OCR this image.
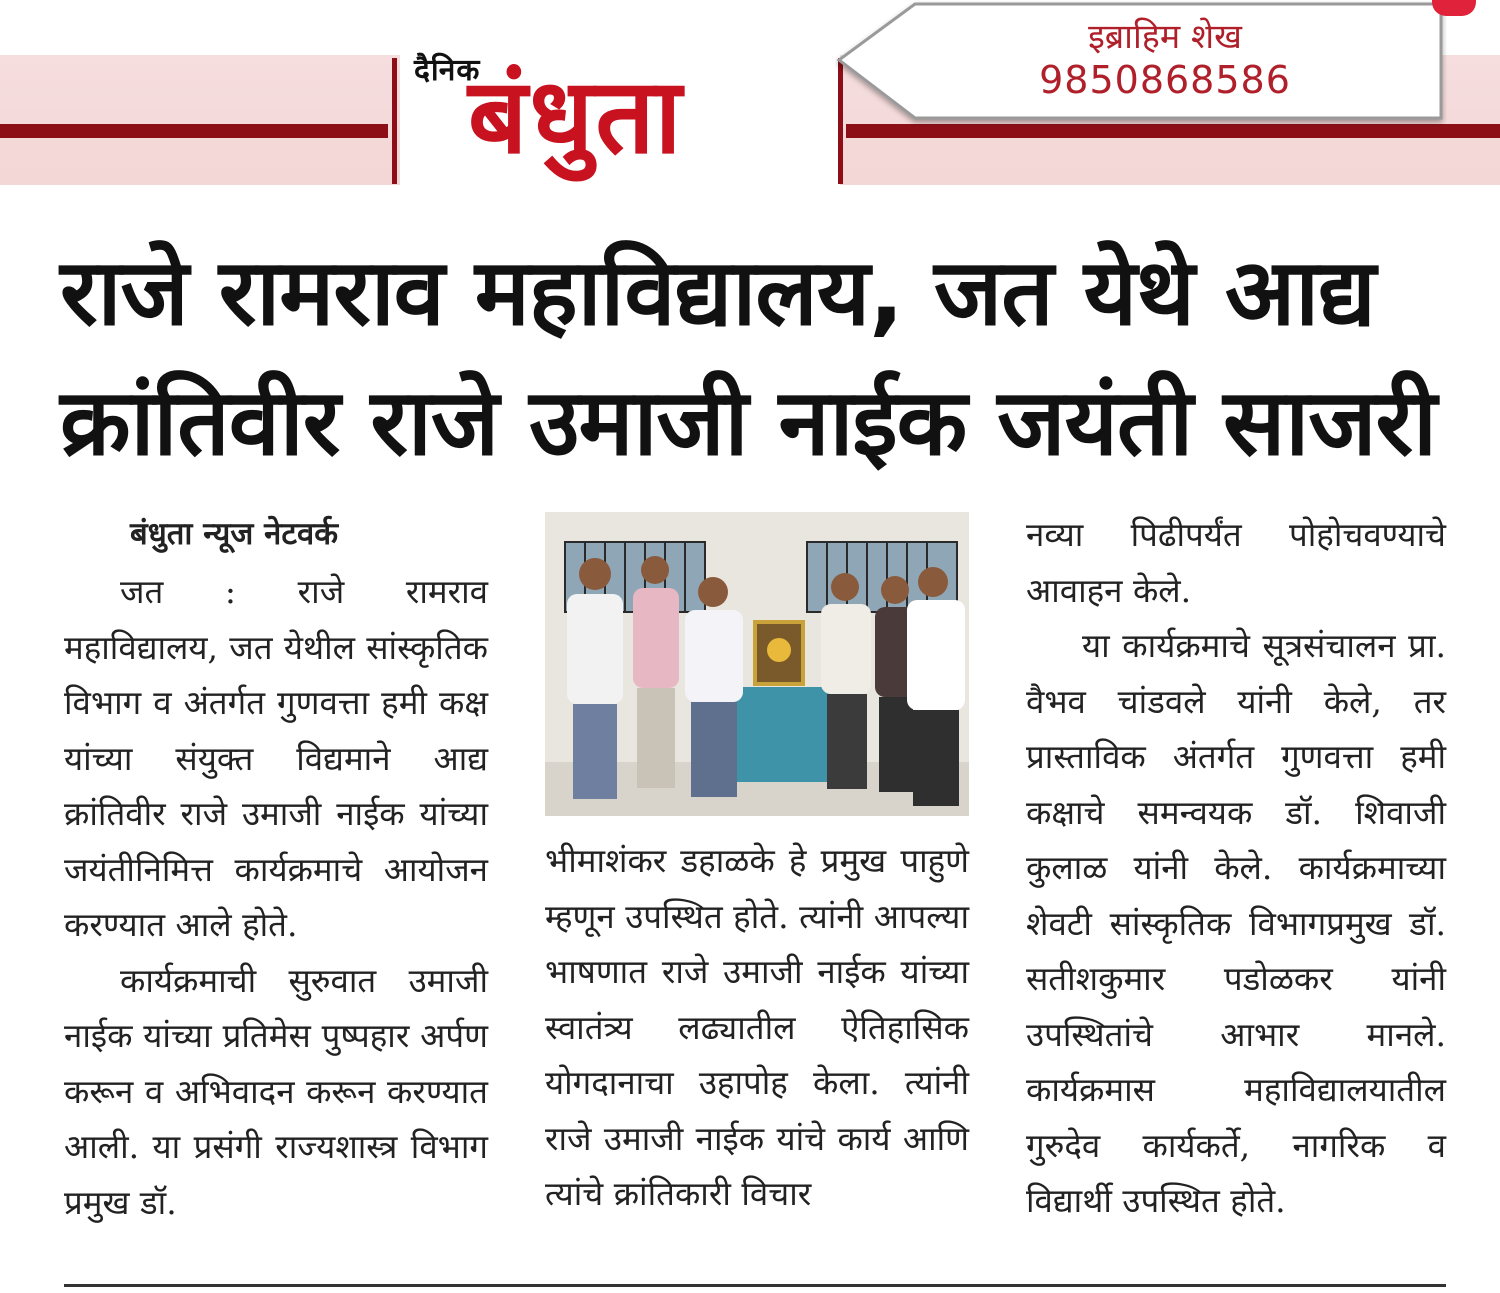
दैनिक
बंधुता
इब्राहिम शेख
9850868586
राजे रामराव महाविद्यालय, जत येथे आद्य
क्रांतिवीर राजे उमाजी नाईक जयंती साजरी
बंधुता न्यूज नेटवर्क

जत : राजे रामराव महाविद्यालय, जत येथील सांस्कृतिक विभाग व अंतर्गत गुणवत्ता हमी कक्ष यांच्या संयुक्त विद्यमाने आद्य क्रांतिवीर राजे उमाजी नाईक यांच्या जयंतीनिमित्त कार्यक्रमाचे आयोजन करण्यात आले होते.

कार्यक्रमाची सुरुवात उमाजी नाईक यांच्या प्रतिमेस पुष्पहार अर्पण करून व अभिवादन करून करण्यात आली. या प्रसंगी राज्यशास्त्र विभाग प्रमुख डॉ.

भीमाशंकर डहाळके हे प्रमुख पाहुणे म्हणून उपस्थित होते. त्यांनी आपल्या भाषणात राजे उमाजी नाईक यांच्या स्वातंत्र्य लढ्यातील ऐतिहासिक योगदानाचा उहापोह केला. त्यांनी राजे उमाजी नाईक यांचे कार्य आणि त्यांचे क्रांतिकारी विचार

नव्या पिढीपर्यंत पोहोचवण्याचे आवाहन केले.

या कार्यक्रमाचे सूत्रसंचालन प्रा. वैभव चांडवले यांनी केले, तर प्रास्ताविक अंतर्गत गुणवत्ता हमी कक्षाचे समन्वयक डॉ. शिवाजी कुलाळ यांनी केले. कार्यक्रमाच्या शेवटी सांस्कृतिक विभागप्रमुख डॉ. सतीशकुमार पडोळकर यांनी उपस्थितांचे आभार मानले. कार्यक्रमास महाविद्यालयातील गुरुदेव कार्यकर्ते, नागरिक व विद्यार्थी उपस्थित होते.
